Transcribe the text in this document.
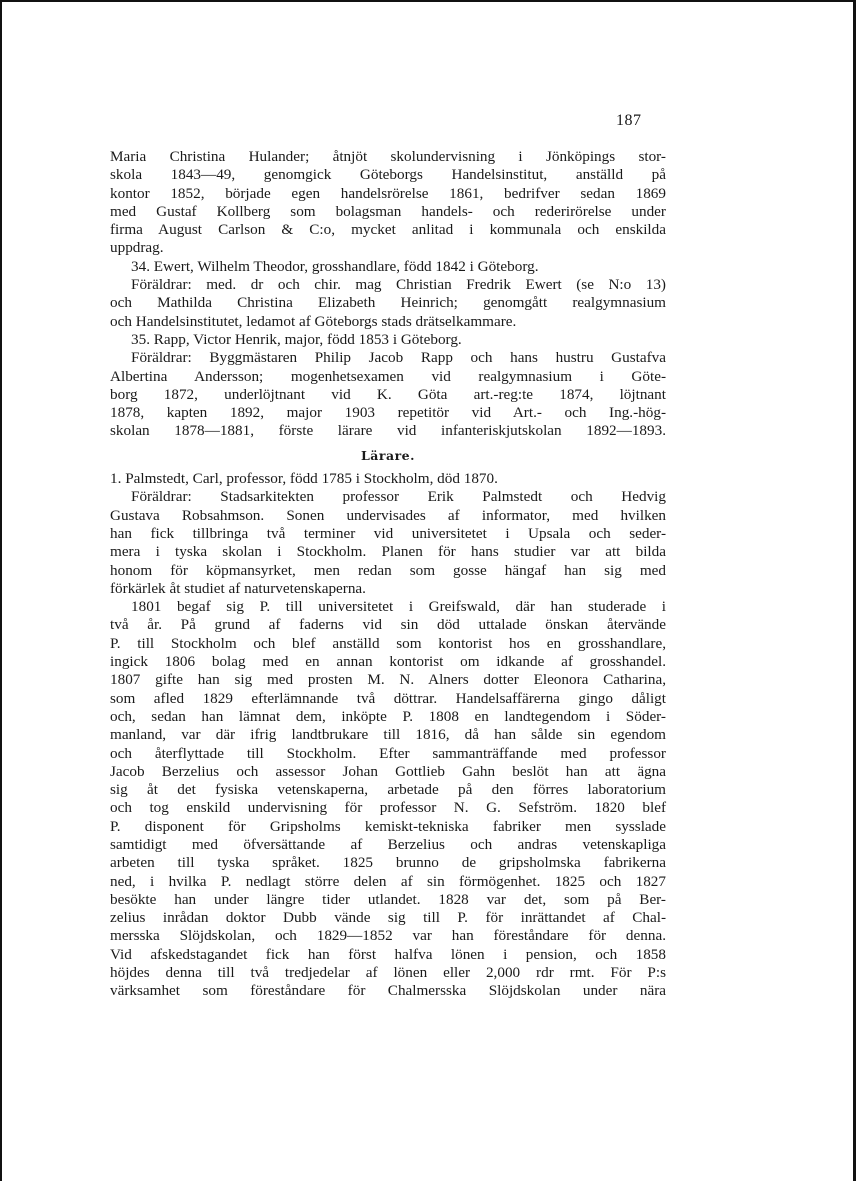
187
Maria Christina Hulander; åtnjöt skolundervisning i Jönköpings stor-
skola 1843—49, genomgick Göteborgs Handelsinstitut, anställd på
kontor 1852, började egen handelsrörelse 1861, bedrifver sedan 1869
med Gustaf Kollberg som bolagsman handels- och rederirörelse under
firma August Carlson & C:o, mycket anlitad i kommunala och enskilda
uppdrag.
34. Ewert, Wilhelm Theodor, grosshandlare, född 1842 i Göteborg.
Föräldrar: med. dr och chir. mag Christian Fredrik Ewert (se N:o 13)
och Mathilda Christina Elizabeth Heinrich; genomgått realgymnasium
och Handelsinstitutet, ledamot af Göteborgs stads drätselkammare.
35. Rapp, Victor Henrik, major, född 1853 i Göteborg.
Föräldrar: Byggmästaren Philip Jacob Rapp och hans hustru Gustafva
Albertina Andersson; mogenhetsexamen vid realgymnasium i Göte-
borg 1872, underlöjtnant vid K. Göta art.-reg:te 1874, löjtnant
1878, kapten 1892, major 1903 repetitör vid Art.- och Ing.-hög-
skolan 1878—1881, förste lärare vid infanteriskjutskolan 1892—1893.
Lärare.
1. Palmstedt, Carl, professor, född 1785 i Stockholm, död 1870.
Föräldrar: Stadsarkitekten professor Erik Palmstedt och Hedvig
Gustava Robsahmson. Sonen undervisades af informator, med hvilken
han fick tillbringa två terminer vid universitetet i Upsala och seder-
mera i tyska skolan i Stockholm. Planen för hans studier var att bilda
honom för köpmansyrket, men redan som gosse hängaf han sig med
förkärlek åt studiet af naturvetenskaperna.
1801 begaf sig P. till universitetet i Greifswald, där han studerade i
två år. På grund af faderns vid sin död uttalade önskan återvände
P. till Stockholm och blef anställd som kontorist hos en grosshandlare,
ingick 1806 bolag med en annan kontorist om idkande af grosshandel.
1807 gifte han sig med prosten M. N. Alners dotter Eleonora Catharina,
som afled 1829 efterlämnande två döttrar. Handelsaffärerna gingo dåligt
och, sedan han lämnat dem, inköpte P. 1808 en landtegendom i Söder-
manland, var där ifrig landtbrukare till 1816, då han sålde sin egendom
och återflyttade till Stockholm. Efter sammanträffande med professor
Jacob Berzelius och assessor Johan Gottlieb Gahn beslöt han att ägna
sig åt det fysiska vetenskaperna, arbetade på den förres laboratorium
och tog enskild undervisning för professor N. G. Sefström. 1820 blef
P. disponent för Gripsholms kemiskt-tekniska fabriker men sysslade
samtidigt med öfversättande af Berzelius och andras vetenskapliga
arbeten till tyska språket. 1825 brunno de gripsholmska fabrikerna
ned, i hvilka P. nedlagt större delen af sin förmögenhet. 1825 och 1827
besökte han under längre tider utlandet. 1828 var det, som på Ber-
zelius inrådan doktor Dubb vände sig till P. för inrättandet af Chal-
mersska Slöjdskolan, och 1829—1852 var han föreståndare för denna.
Vid afskedstagandet fick han först halfva lönen i pension, och 1858
höjdes denna till två tredjedelar af lönen eller 2,000 rdr rmt. För P:s
värksamhet som föreståndare för Chalmersska Slöjdskolan under nära
